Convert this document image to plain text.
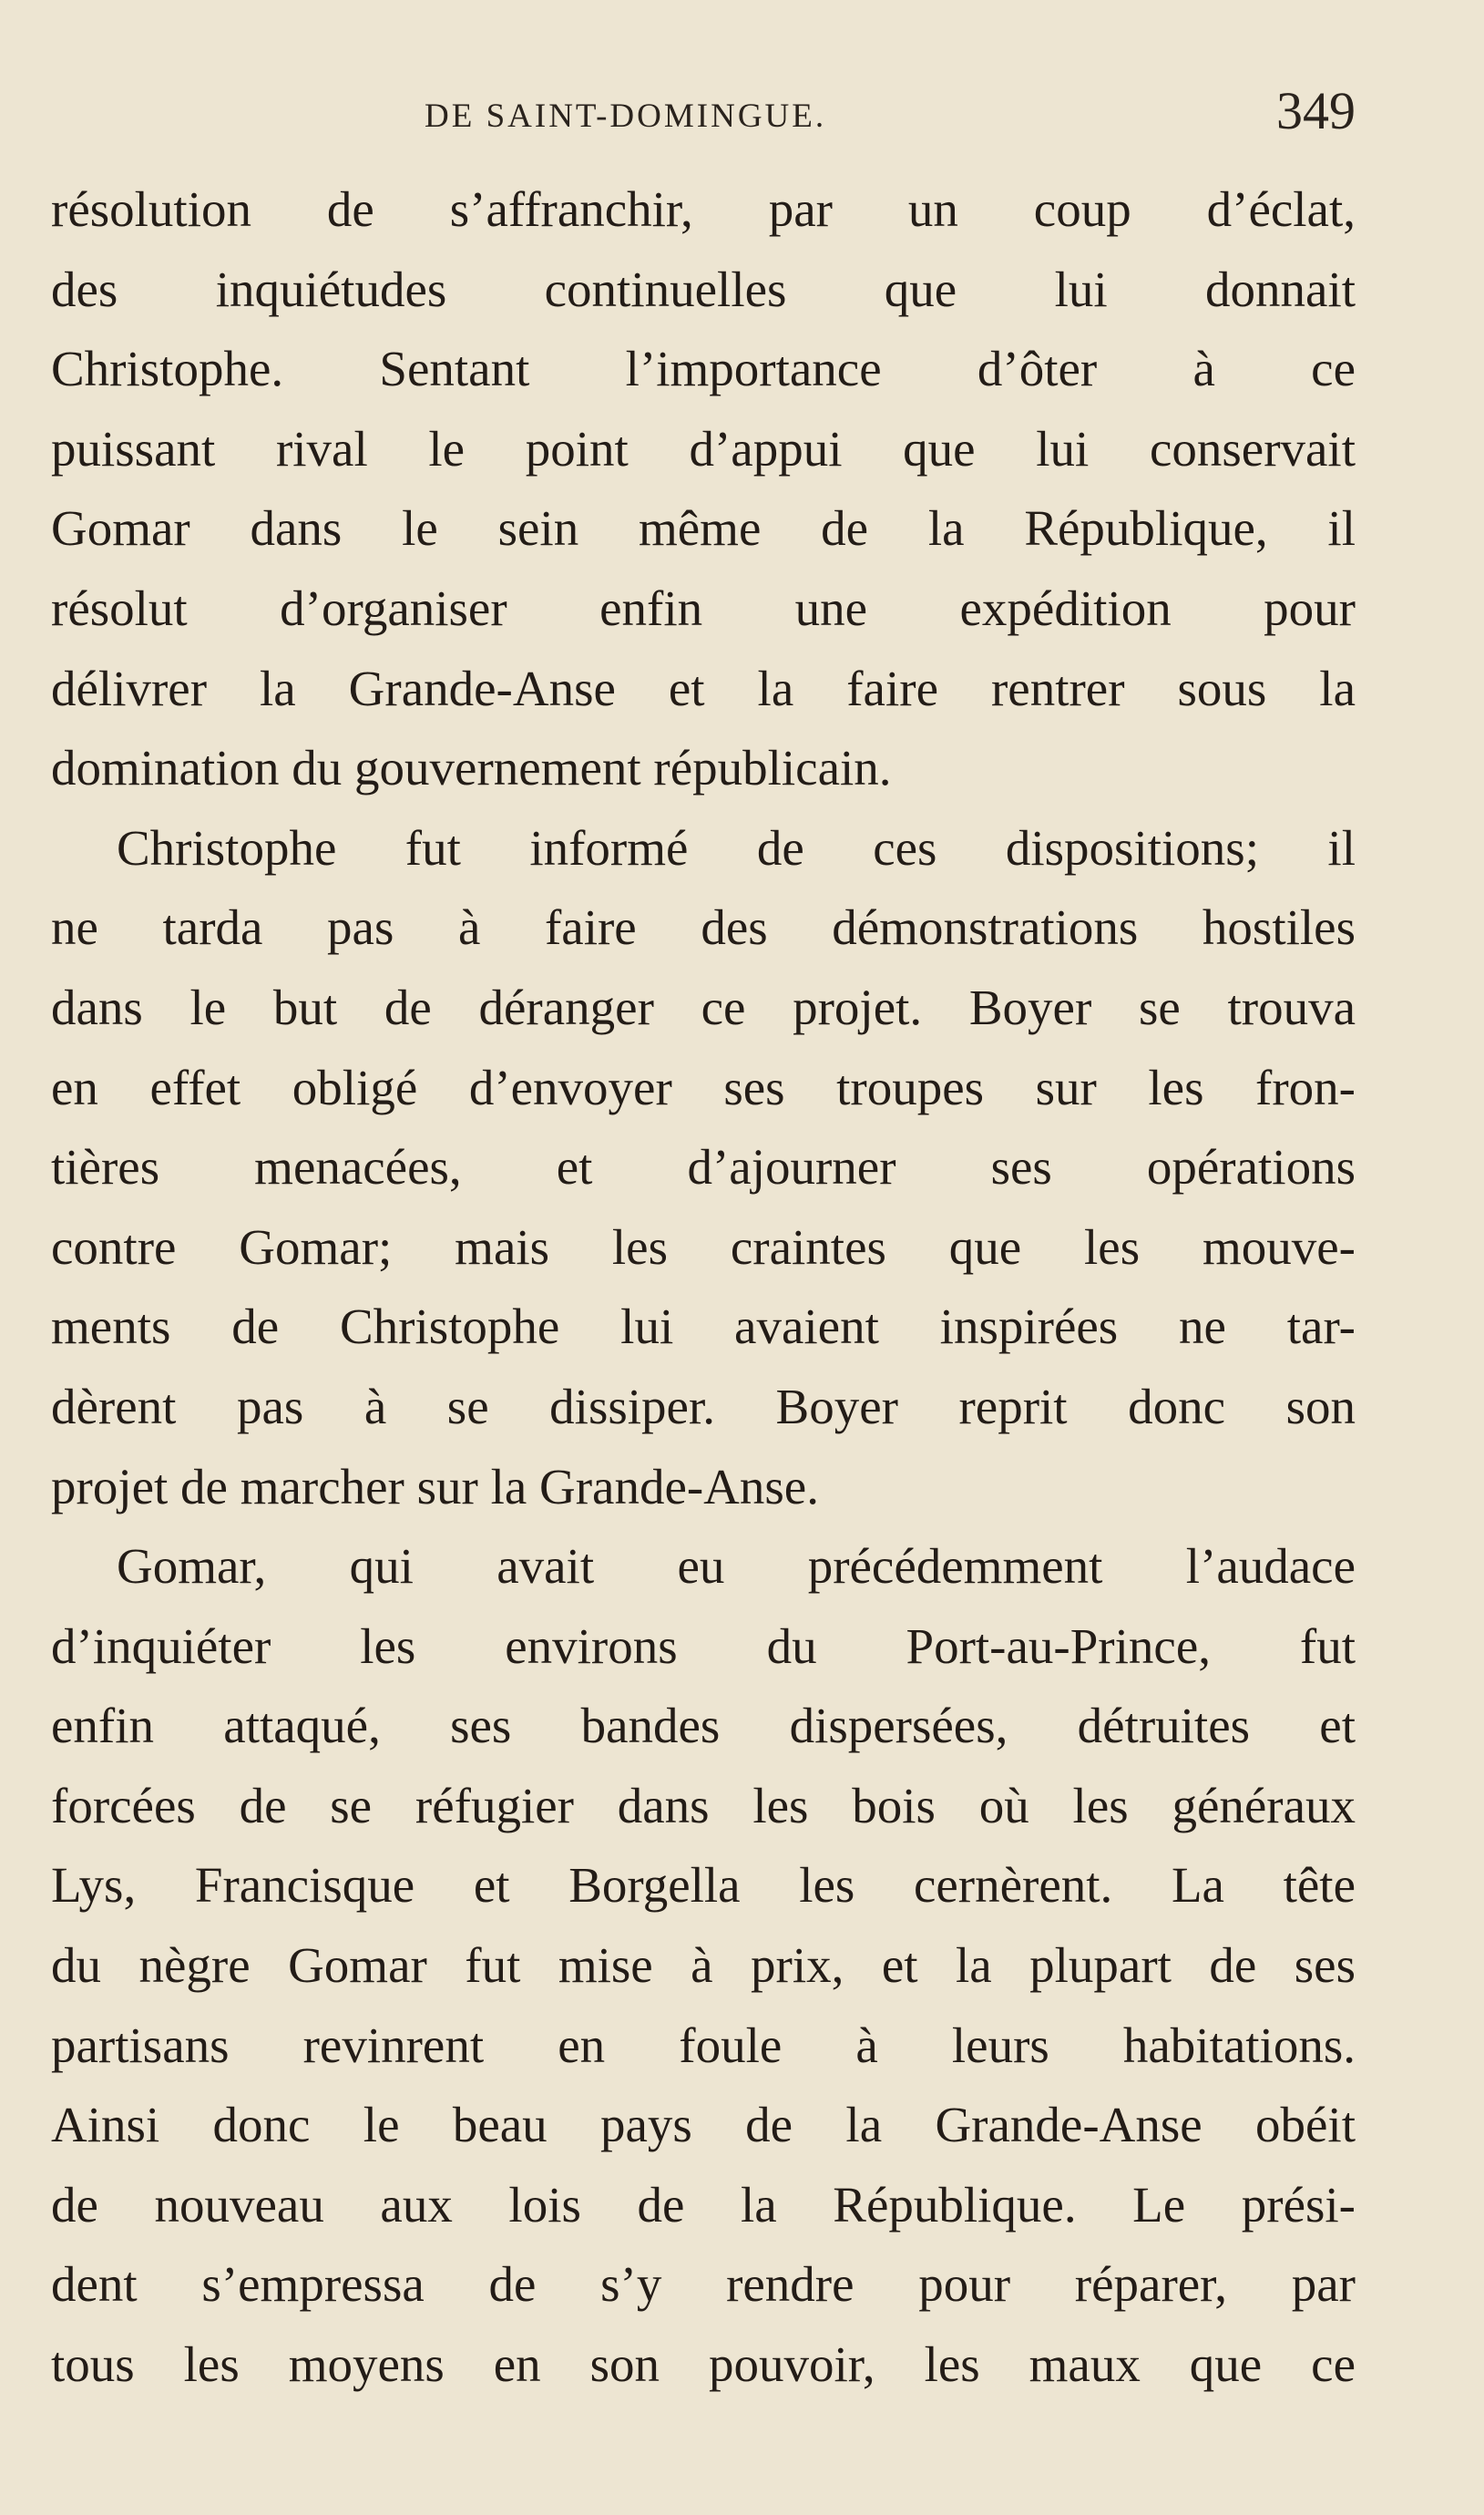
DE SAINT-DOMINGUE.	349
résolution de s’affranchir, par un coup d’éclat,
des inquiétudes continuelles que lui donnait
Christophe. Sentant l’importance d’ôter à ce
puissant rival le point d’appui que lui conservait
Gomar dans le sein même de la République, il
résolut d’organiser enfin une expédition pour
délivrer la Grande-Anse et la faire rentrer sous la
domination du gouvernement républicain.
Christophe fut informé de ces dispositions; il
ne tarda pas à faire des démonstrations hostiles
dans le but de déranger ce projet. Boyer se trouva
en effet obligé d’envoyer ses troupes sur les fron-
tières menacées, et d’ajourner ses opérations
contre Gomar; mais les craintes que les mouve-
ments de Christophe lui avaient inspirées ne tar-
dèrent pas à se dissiper. Boyer reprit donc son
projet de marcher sur la Grande-Anse.
Gomar, qui avait eu précédemment l’audace
d’inquiéter les environs du Port-au-Prince, fut
enfin attaqué, ses bandes dispersées, détruites et
forcées de se réfugier dans les bois où les généraux
Lys, Francisque et Borgella les cernèrent. La tête
du nègre Gomar fut mise à prix, et la plupart de ses
partisans revinrent en foule à leurs habitations.
Ainsi donc le beau pays de la Grande-Anse obéit
de nouveau aux lois de la République. Le prési-
dent s’empressa de s’y rendre pour réparer, par
tous les moyens en son pouvoir, les maux que ce
